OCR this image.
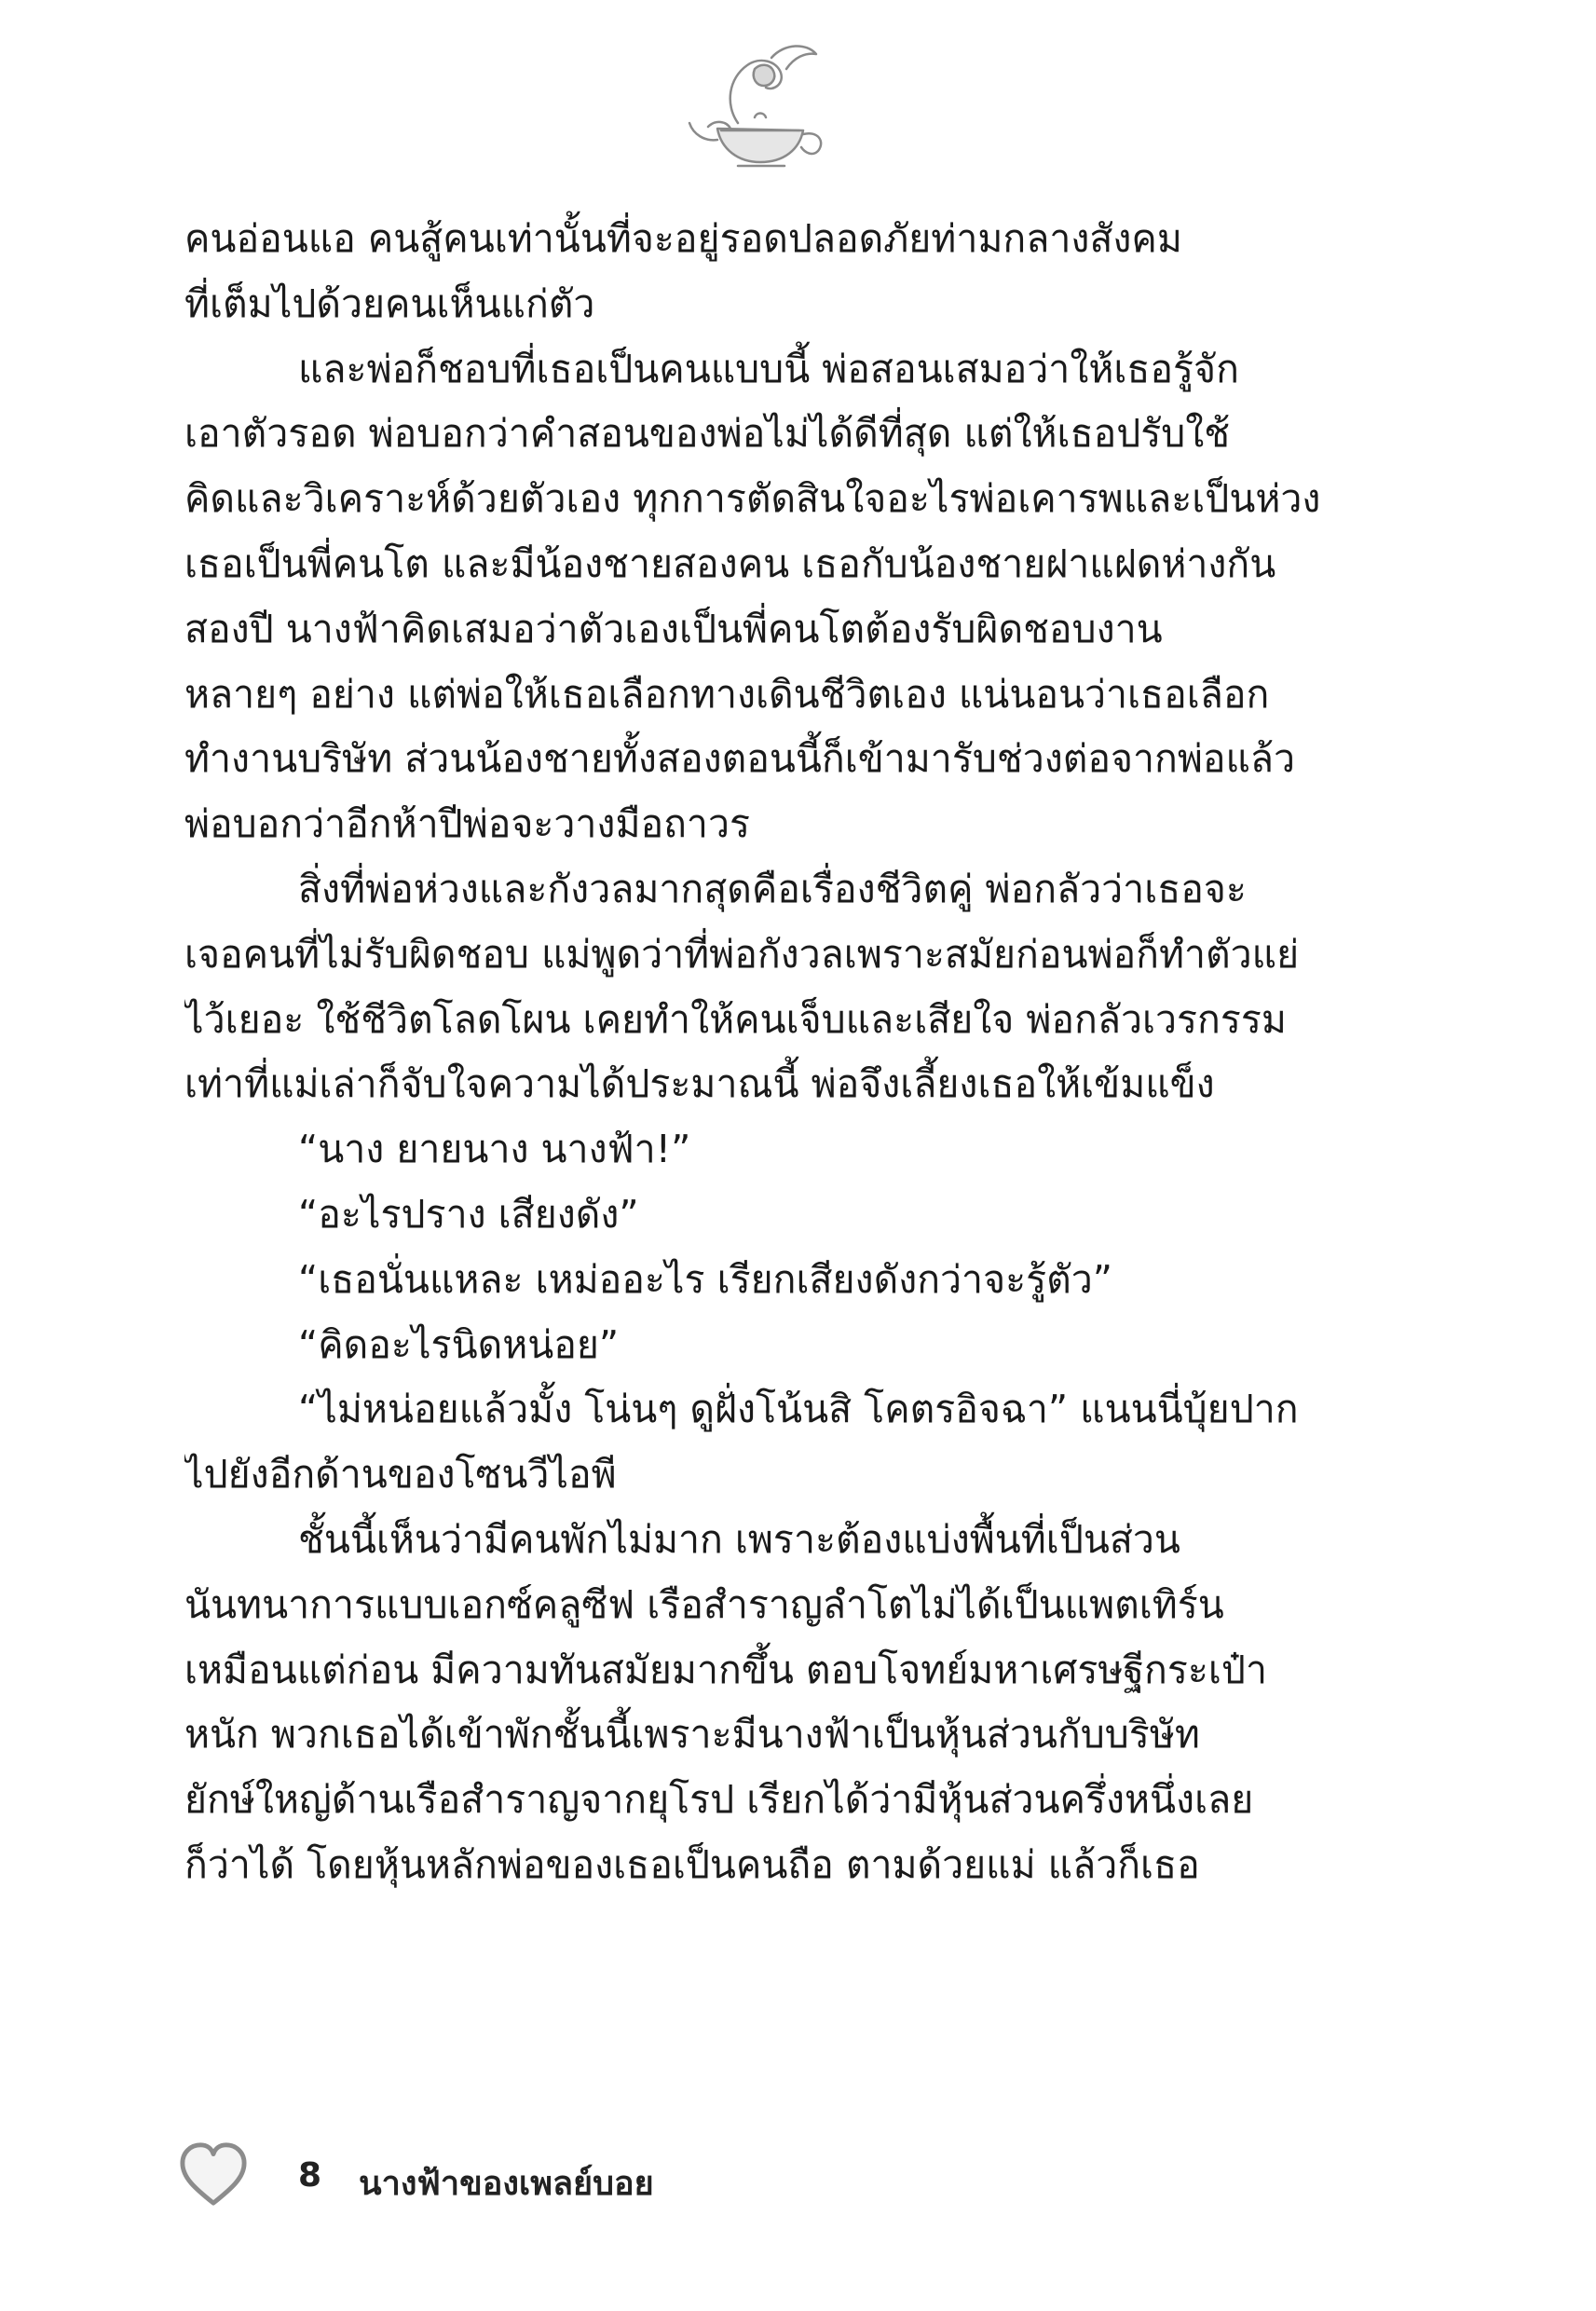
คนอ่อนแอ คนสู้คนเท่านั้นที่จะอยู่รอดปลอดภัยท่ามกลางสังคม
ที่เต็มไปด้วยคนเห็นแก่ตัว
และพ่อก็ชอบที่เธอเป็นคนแบบนี้ พ่อสอนเสมอว่าให้เธอรู้จัก
เอาตัวรอด พ่อบอกว่าคำสอนของพ่อไม่ได้ดีที่สุด แต่ให้เธอปรับใช้
คิดและวิเคราะห์ด้วยตัวเอง ทุกการตัดสินใจอะไรพ่อเคารพและเป็นห่วง
เธอเป็นพี่คนโต และมีน้องชายสองคน เธอกับน้องชายฝาแฝดห่างกัน
สองปี นางฟ้าคิดเสมอว่าตัวเองเป็นพี่คนโตต้องรับผิดชอบงาน
หลายๆ อย่าง แต่พ่อให้เธอเลือกทางเดินชีวิตเอง แน่นอนว่าเธอเลือก
ทำงานบริษัท ส่วนน้องชายทั้งสองตอนนี้ก็เข้ามารับช่วงต่อจากพ่อแล้ว
พ่อบอกว่าอีกห้าปีพ่อจะวางมือถาวร
สิ่งที่พ่อห่วงและกังวลมากสุดคือเรื่องชีวิตคู่ พ่อกลัวว่าเธอจะ
เจอคนที่ไม่รับผิดชอบ แม่พูดว่าที่พ่อกังวลเพราะสมัยก่อนพ่อก็ทำตัวแย่
ไว้เยอะ ใช้ชีวิตโลดโผน เคยทำให้คนเจ็บและเสียใจ พ่อกลัวเวรกรรม
เท่าที่แม่เล่าก็จับใจความได้ประมาณนี้ พ่อจึงเลี้ยงเธอให้เข้มแข็ง
“นาง ยายนาง นางฟ้า!”
“อะไรปราง เสียงดัง”
“เธอนั่นแหละ เหม่ออะไร เรียกเสียงดังกว่าจะรู้ตัว”
“คิดอะไรนิดหน่อย”
“ไม่หน่อยแล้วมั้ง โน่นๆ ดูฝั่งโน้นสิ โคตรอิจฉา” แนนนี่บุ้ยปาก
ไปยังอีกด้านของโซนวีไอพี
ชั้นนี้เห็นว่ามีคนพักไม่มาก เพราะต้องแบ่งพื้นที่เป็นส่วน
นันทนาการแบบเอกซ์คลูซีฟ เรือสำราญลำโตไม่ได้เป็นแพตเทิร์น
เหมือนแต่ก่อน มีความทันสมัยมากขึ้น ตอบโจทย์มหาเศรษฐีกระเป๋า
หนัก พวกเธอได้เข้าพักชั้นนี้เพราะมีนางฟ้าเป็นหุ้นส่วนกับบริษัท
ยักษ์ใหญ่ด้านเรือสำราญจากยุโรป เรียกได้ว่ามีหุ้นส่วนครึ่งหนึ่งเลย
ก็ว่าได้ โดยหุ้นหลักพ่อของเธอเป็นคนถือ ตามด้วยแม่ แล้วก็เธอ
8 นางฟ้าของเพลย์บอย
